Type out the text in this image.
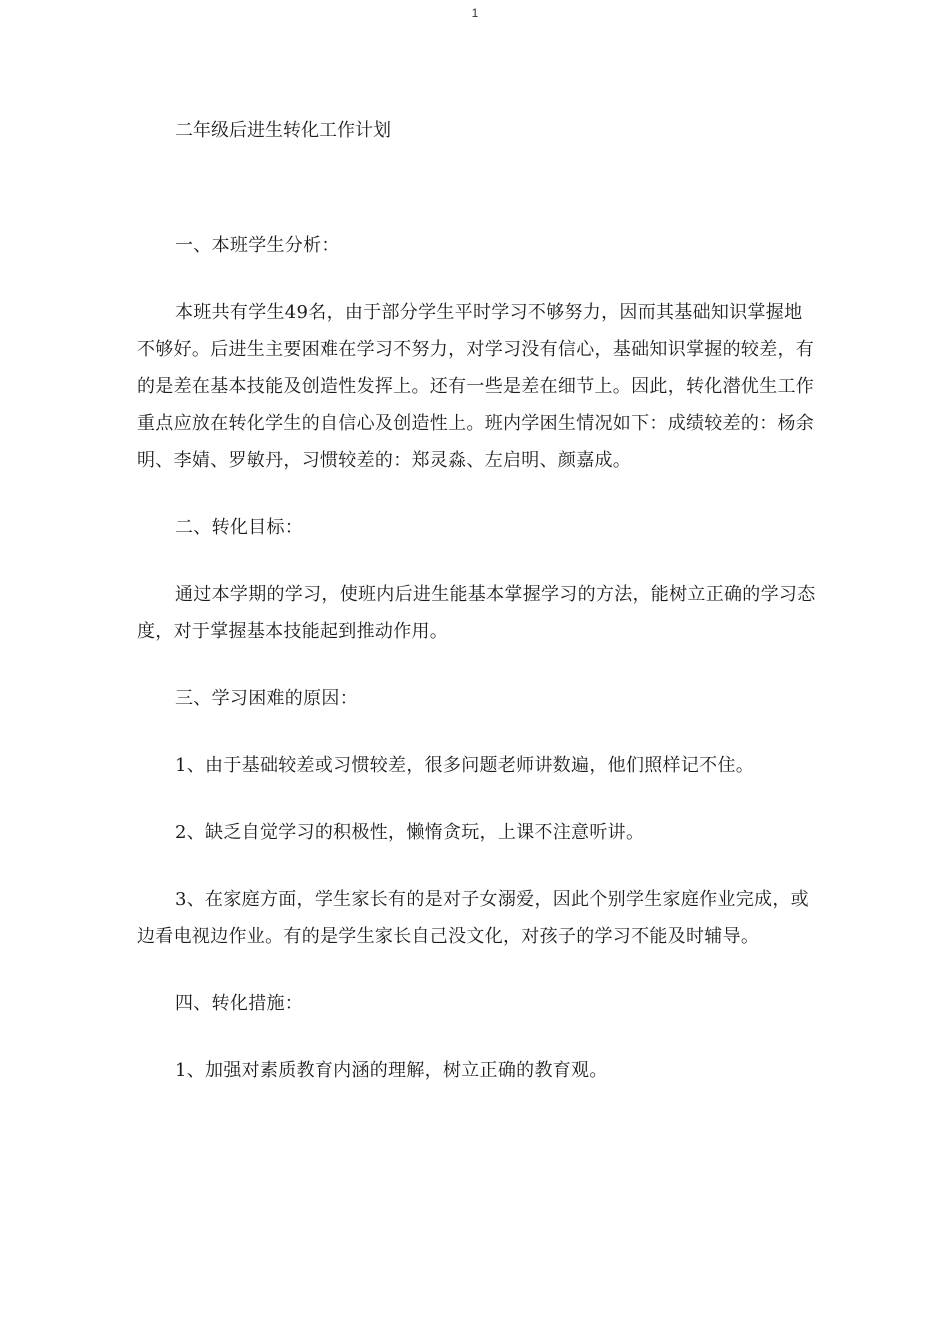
1
二年级后进生转化工作计划

一、本班学生分析：

本班共有学生49名，由于部分学生平时学习不够努力，因而其基础知识掌握地不够好。后进生主要困难在学习不努力，对学习没有信心，基础知识掌握的较差，有的是差在基本技能及创造性发挥上。还有一些是差在细节上。因此，转化潜优生工作重点应放在转化学生的自信心及创造性上。班内学困生情况如下：成绩较差的：杨余明、李婧、罗敏丹，习惯较差的：郑灵淼、左启明、颜嘉成。

二、转化目标：

通过本学期的学习，使班内后进生能基本掌握学习的方法，能树立正确的学习态度，对于掌握基本技能起到推动作用。

三、学习困难的原因：

1、由于基础较差或习惯较差，很多问题老师讲数遍，他们照样记不住。

2、缺乏自觉学习的积极性，懒惰贪玩，上课不注意听讲。

3、在家庭方面，学生家长有的是对子女溺爱，因此个别学生家庭作业完成，或边看电视边作业。有的是学生家长自己没文化，对孩子的学习不能及时辅导。

四、转化措施：

1、加强对素质教育内涵的理解，树立正确的教育观。
